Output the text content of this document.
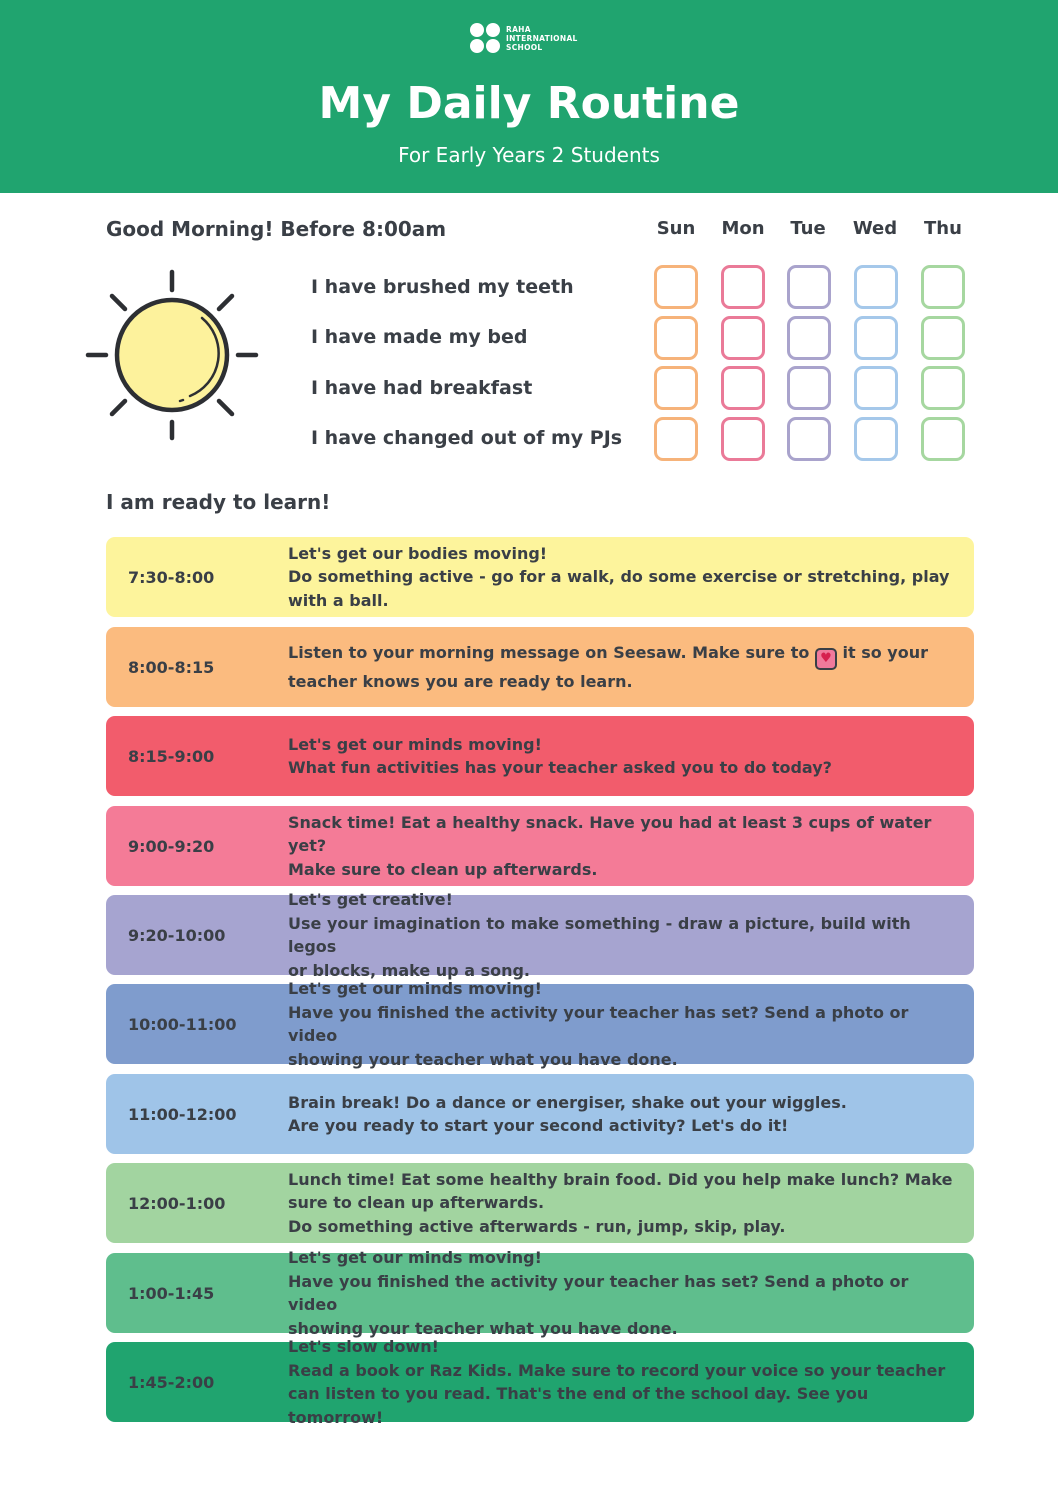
RAHA
INTERNATIONAL
SCHOOL
My Daily Routine
For Early Years 2 Students
Good Morning! Before 8:00am	Sun	Mon	Tue	Wed	Thu
I have brushed my teeth
I have made my bed
I have had breakfast
I have changed out of my PJs
I am ready to learn!
7:30-8:00
Let's get our bodies moving!
Do something active - go for a walk, do some exercise or stretching, play
with a ball.
8:00-8:15
Listen to your morning message on Seesaw. Make sure to ♥ it so your
teacher knows you are ready to learn.
8:15-9:00
Let's get our minds moving!
What fun activities has your teacher asked you to do today?
9:00-9:20
Snack time! Eat a healthy snack. Have you had at least 3 cups of water yet?
Make sure to clean up afterwards.
9:20-10:00
Let's get creative!
Use your imagination to make something - draw a picture, build with legos
or blocks, make up a song.
10:00-11:00
Let's get our minds moving!
Have you finished the activity your teacher has set? Send a photo or video
showing your teacher what you have done.
11:00-12:00
Brain break! Do a dance or energiser, shake out your wiggles.
Are you ready to start your second activity? Let's do it!
12:00-1:00
Lunch time! Eat some healthy brain food. Did you help make lunch? Make
sure to clean up afterwards.
Do something active afterwards - run, jump, skip, play.
1:00-1:45
Let's get our minds moving!
Have you finished the activity your teacher has set? Send a photo or video
showing your teacher what you have done.
1:45-2:00
Let's slow down!
Read a book or Raz Kids. Make sure to record your voice so your teacher
can listen to you read. That's the end of the school day. See you tomorrow!
